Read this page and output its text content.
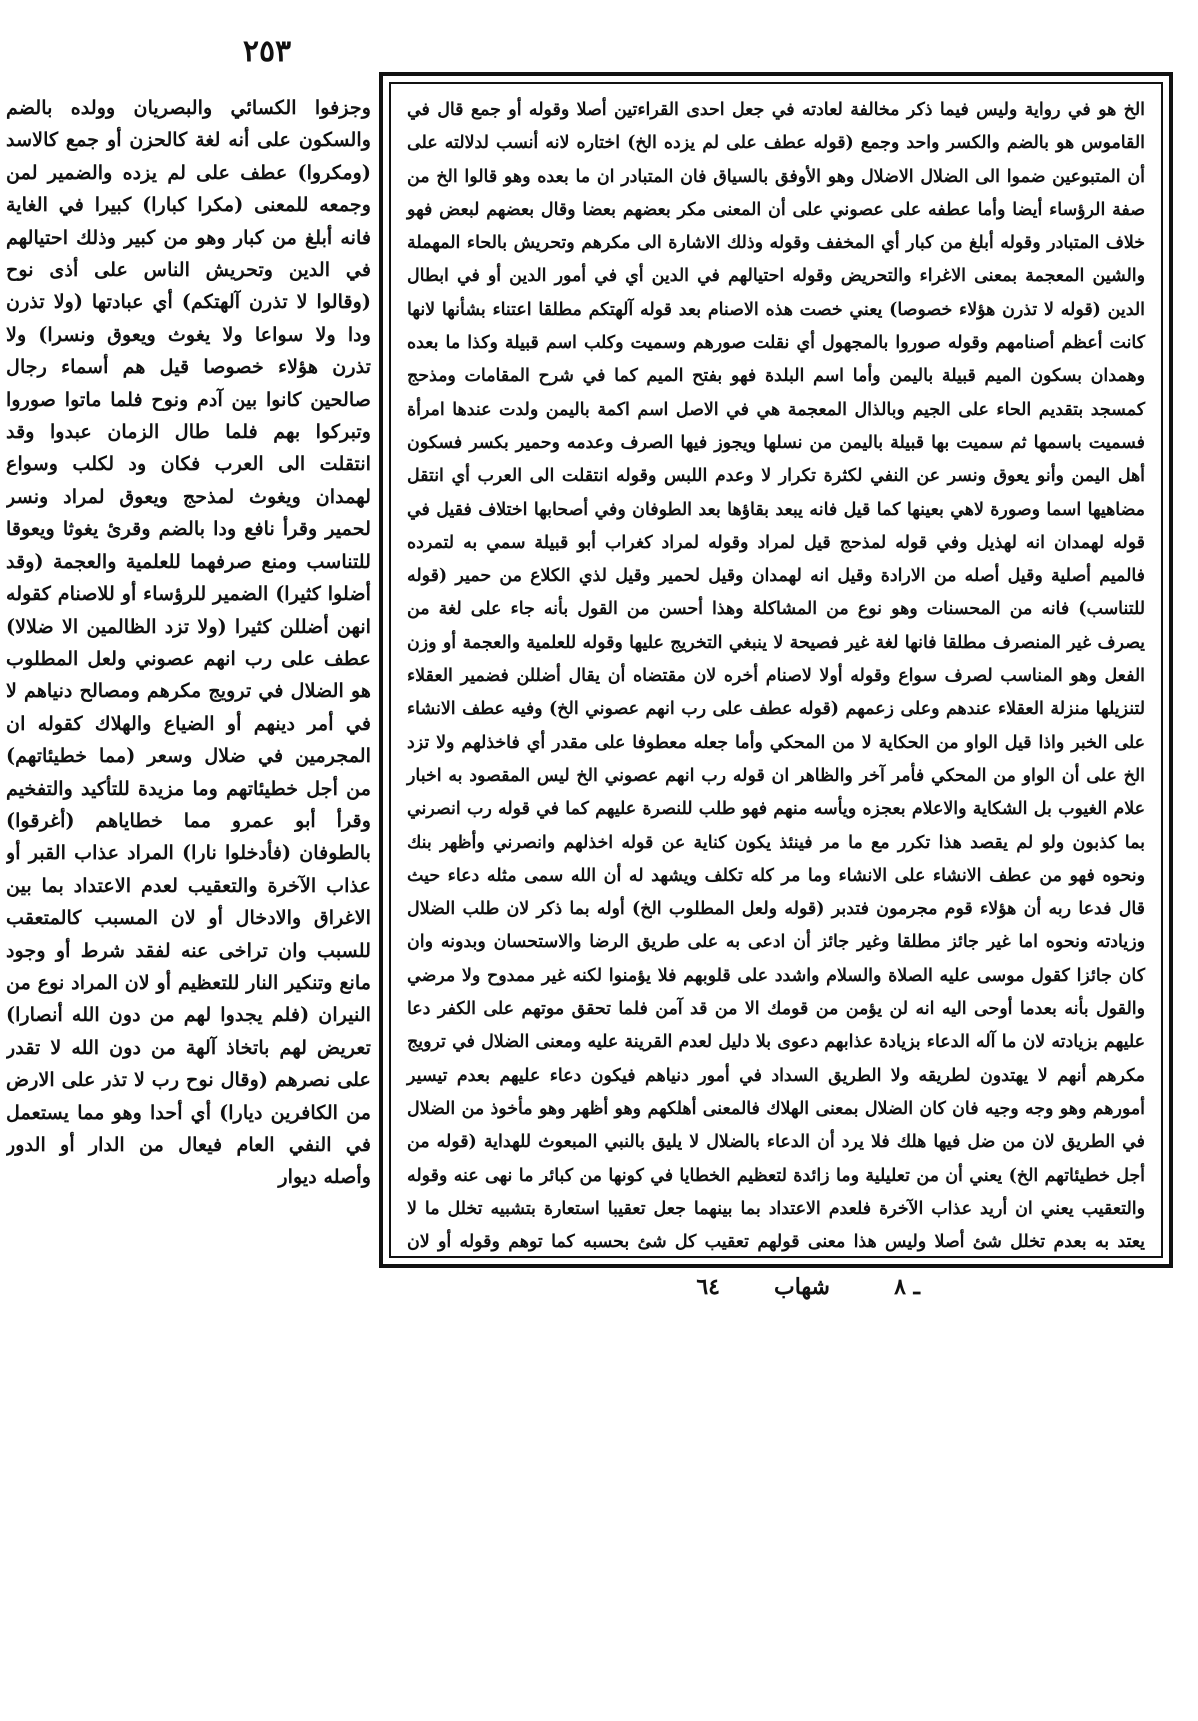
٢٥٣

وجزفوا الكسائي والبصريان وولده بالضم والسكون على أنه لغة كالحزن أو جمع كالاسد (ومكروا) عطف على لم يزده والضمير لمن وجمعه للمعنى (مكرا كبارا) كبيرا في الغاية فانه أبلغ من كبار وهو من كبير وذلك احتيالهم في الدين وتحريش الناس على أذى نوح (وقالوا لا تذرن آلهتكم) أي عبادتها (ولا تذرن ودا ولا سواعا ولا يغوث ويعوق ونسرا) ولا تذرن هؤلاء خصوصا قيل هم أسماء رجال صالحين كانوا بين آدم ونوح فلما ماتوا صوروا وتبركوا بهم فلما طال الزمان عبدوا وقد انتقلت الى العرب فكان ود لكلب وسواع لهمدان ويغوث لمذحج ويعوق لمراد ونسر لحمير وقرأ نافع ودا بالضم وقرئ يغوثا ويعوقا للتناسب ومنع صرفهما للعلمية والعجمة (وقد أضلوا كثيرا) الضمير للرؤساء أو للاصنام كقوله انهن أضللن كثيرا (ولا تزد الظالمين الا ضلالا) عطف على رب انهم عصوني ولعل المطلوب هو الضلال في ترويج مكرهم ومصالح دنياهم لا في أمر دينهم أو الضياع والهلاك كقوله ان المجرمين في ضلال وسعر (مما خطيئاتهم) من أجل خطيئاتهم وما مزيدة للتأكيد والتفخيم وقرأ أبو عمرو مما خطاياهم (أغرقوا) بالطوفان (فأدخلوا نارا) المراد عذاب القبر أو عذاب الآخرة والتعقيب لعدم الاعتداد بما بين الاغراق والادخال أو لان المسبب كالمتعقب للسبب وان تراخى عنه لفقد شرط أو وجود مانع وتنكير النار للتعظيم أو لان المراد نوع من النيران (فلم يجدوا لهم من دون الله أنصارا) تعريض لهم باتخاذ آلهة من دون الله لا تقدر على نصرهم (وقال نوح رب لا تذر على الارض من الكافرين ديارا) أي أحدا وهو مما يستعمل في النفي العام فيعال من الدار أو الدور وأصله ديوار

الخ هو في رواية وليس فيما ذكر مخالفة لعادته في جعل احدى القراءتين أصلا وقوله أو جمع قال في القاموس هو بالضم والكسر واحد وجمع (قوله عطف على لم يزده الخ) اختاره لانه أنسب لدلالته على أن المتبوعين ضموا الى الضلال الاضلال وهو الأوفق بالسياق فان المتبادر ان ما بعده وهو قالوا الخ من صفة الرؤساء أيضا وأما عطفه على عصوني على أن المعنى مكر بعضهم بعضا وقال بعضهم لبعض فهو خلاف المتبادر وقوله أبلغ من كبار أي المخفف وقوله وذلك الاشارة الى مكرهم وتحريش بالحاء المهملة والشين المعجمة بمعنى الاغراء والتحريض وقوله احتيالهم في الدين أي في أمور الدين أو في ابطال الدين (قوله لا تذرن هؤلاء خصوصا) يعني خصت هذه الاصنام بعد قوله آلهتكم مطلقا اعتناء بشأنها لانها كانت أعظم أصنامهم وقوله صوروا بالمجهول أي نقلت صورهم وسميت وكلب اسم قبيلة وكذا ما بعده وهمدان بسكون الميم قبيلة باليمن وأما اسم البلدة فهو بفتح الميم كما في شرح المقامات ومذحج كمسجد بتقديم الحاء على الجيم وبالذال المعجمة هي في الاصل اسم اكمة باليمن ولدت عندها امرأة فسميت باسمها ثم سميت بها قبيلة باليمن من نسلها ويجوز فيها الصرف وعدمه وحمير بكسر فسكون أهل اليمن وأنو يعوق ونسر عن النفي لكثرة تكرار لا وعدم اللبس وقوله انتقلت الى العرب أي انتقل مضاهيها اسما وصورة لاهي بعينها كما قيل فانه يبعد بقاؤها بعد الطوفان وفي أصحابها اختلاف فقيل في قوله لهمدان انه لهذيل وفي قوله لمذحج قيل لمراد وقوله لمراد كغراب أبو قبيلة سمي به لتمرده فالميم أصلية وقيل أصله من الارادة وقيل انه لهمدان وقيل لحمير وقيل لذي الكلاع من حمير (قوله للتناسب) فانه من المحسنات وهو نوع من المشاكلة وهذا أحسن من القول بأنه جاء على لغة من يصرف غير المنصرف مطلقا فانها لغة غير فصيحة لا ينبغي التخريج عليها وقوله للعلمية والعجمة أو وزن الفعل وهو المناسب لصرف سواع وقوله أولا لاصنام أخره لان مقتضاه أن يقال أضللن فضمير العقلاء لتنزيلها منزلة العقلاء عندهم وعلى زعمهم (قوله عطف على رب انهم عصوني الخ) وفيه عطف الانشاء على الخبر واذا قيل الواو من الحكاية لا من المحكي وأما جعله معطوفا على مقدر أي فاخذلهم ولا تزد الخ على أن الواو من المحكي فأمر آخر والظاهر ان قوله رب انهم عصوني الخ ليس المقصود به اخبار علام الغيوب بل الشكاية والاعلام بعجزه ويأسه منهم فهو طلب للنصرة عليهم كما في قوله رب انصرني بما كذبون ولو لم يقصد هذا تكرر مع ما مر فينئذ يكون كناية عن قوله اخذلهم وانصرني وأظهر بنك ونحوه فهو من عطف الانشاء على الانشاء وما مر كله تكلف ويشهد له أن الله سمى مثله دعاء حيث قال فدعا ربه أن هؤلاء قوم مجرمون فتدبر (قوله ولعل المطلوب الخ) أوله بما ذكر لان طلب الضلال وزيادته ونحوه اما غير جائز مطلقا وغير جائز أن ادعى به على طريق الرضا والاستحسان وبدونه وان كان جائزا كقول موسى عليه الصلاة والسلام واشدد على قلوبهم فلا يؤمنوا لكنه غير ممدوح ولا مرضي والقول بأنه بعدما أوحى اليه انه لن يؤمن من قومك الا من قد آمن فلما تحقق موتهم على الكفر دعا عليهم بزيادته لان ما آله الدعاء بزيادة عذابهم دعوى بلا دليل لعدم القرينة عليه ومعنى الضلال في ترويج مكرهم أنهم لا يهتدون لطريقه ولا الطريق السداد في أمور دنياهم فيكون دعاء عليهم بعدم تيسير أمورهم وهو وجه وجيه فان كان الضلال بمعنى الهلاك فالمعنى أهلكهم وهو أظهر وهو مأخوذ من الضلال في الطريق لان من ضل فيها هلك فلا يرد أن الدعاء بالضلال لا يليق بالنبي المبعوث للهداية (قوله من أجل خطيئاتهم الخ) يعني أن من تعليلية وما زائدة لتعظيم الخطايا في كونها من كبائر ما نهى عنه وقوله والتعقيب يعني ان أريد عذاب الآخرة فلعدم الاعتداد بما بينهما جعل تعقيبا استعارة بتشبيه تخلل ما لا يعتد به بعدم تخلل شئ أصلا وليس هذا معنى قولهم تعقيب كل شئ بحسبه كما توهم وقوله أو لان

ـ ٨
شهاب
٦٤
